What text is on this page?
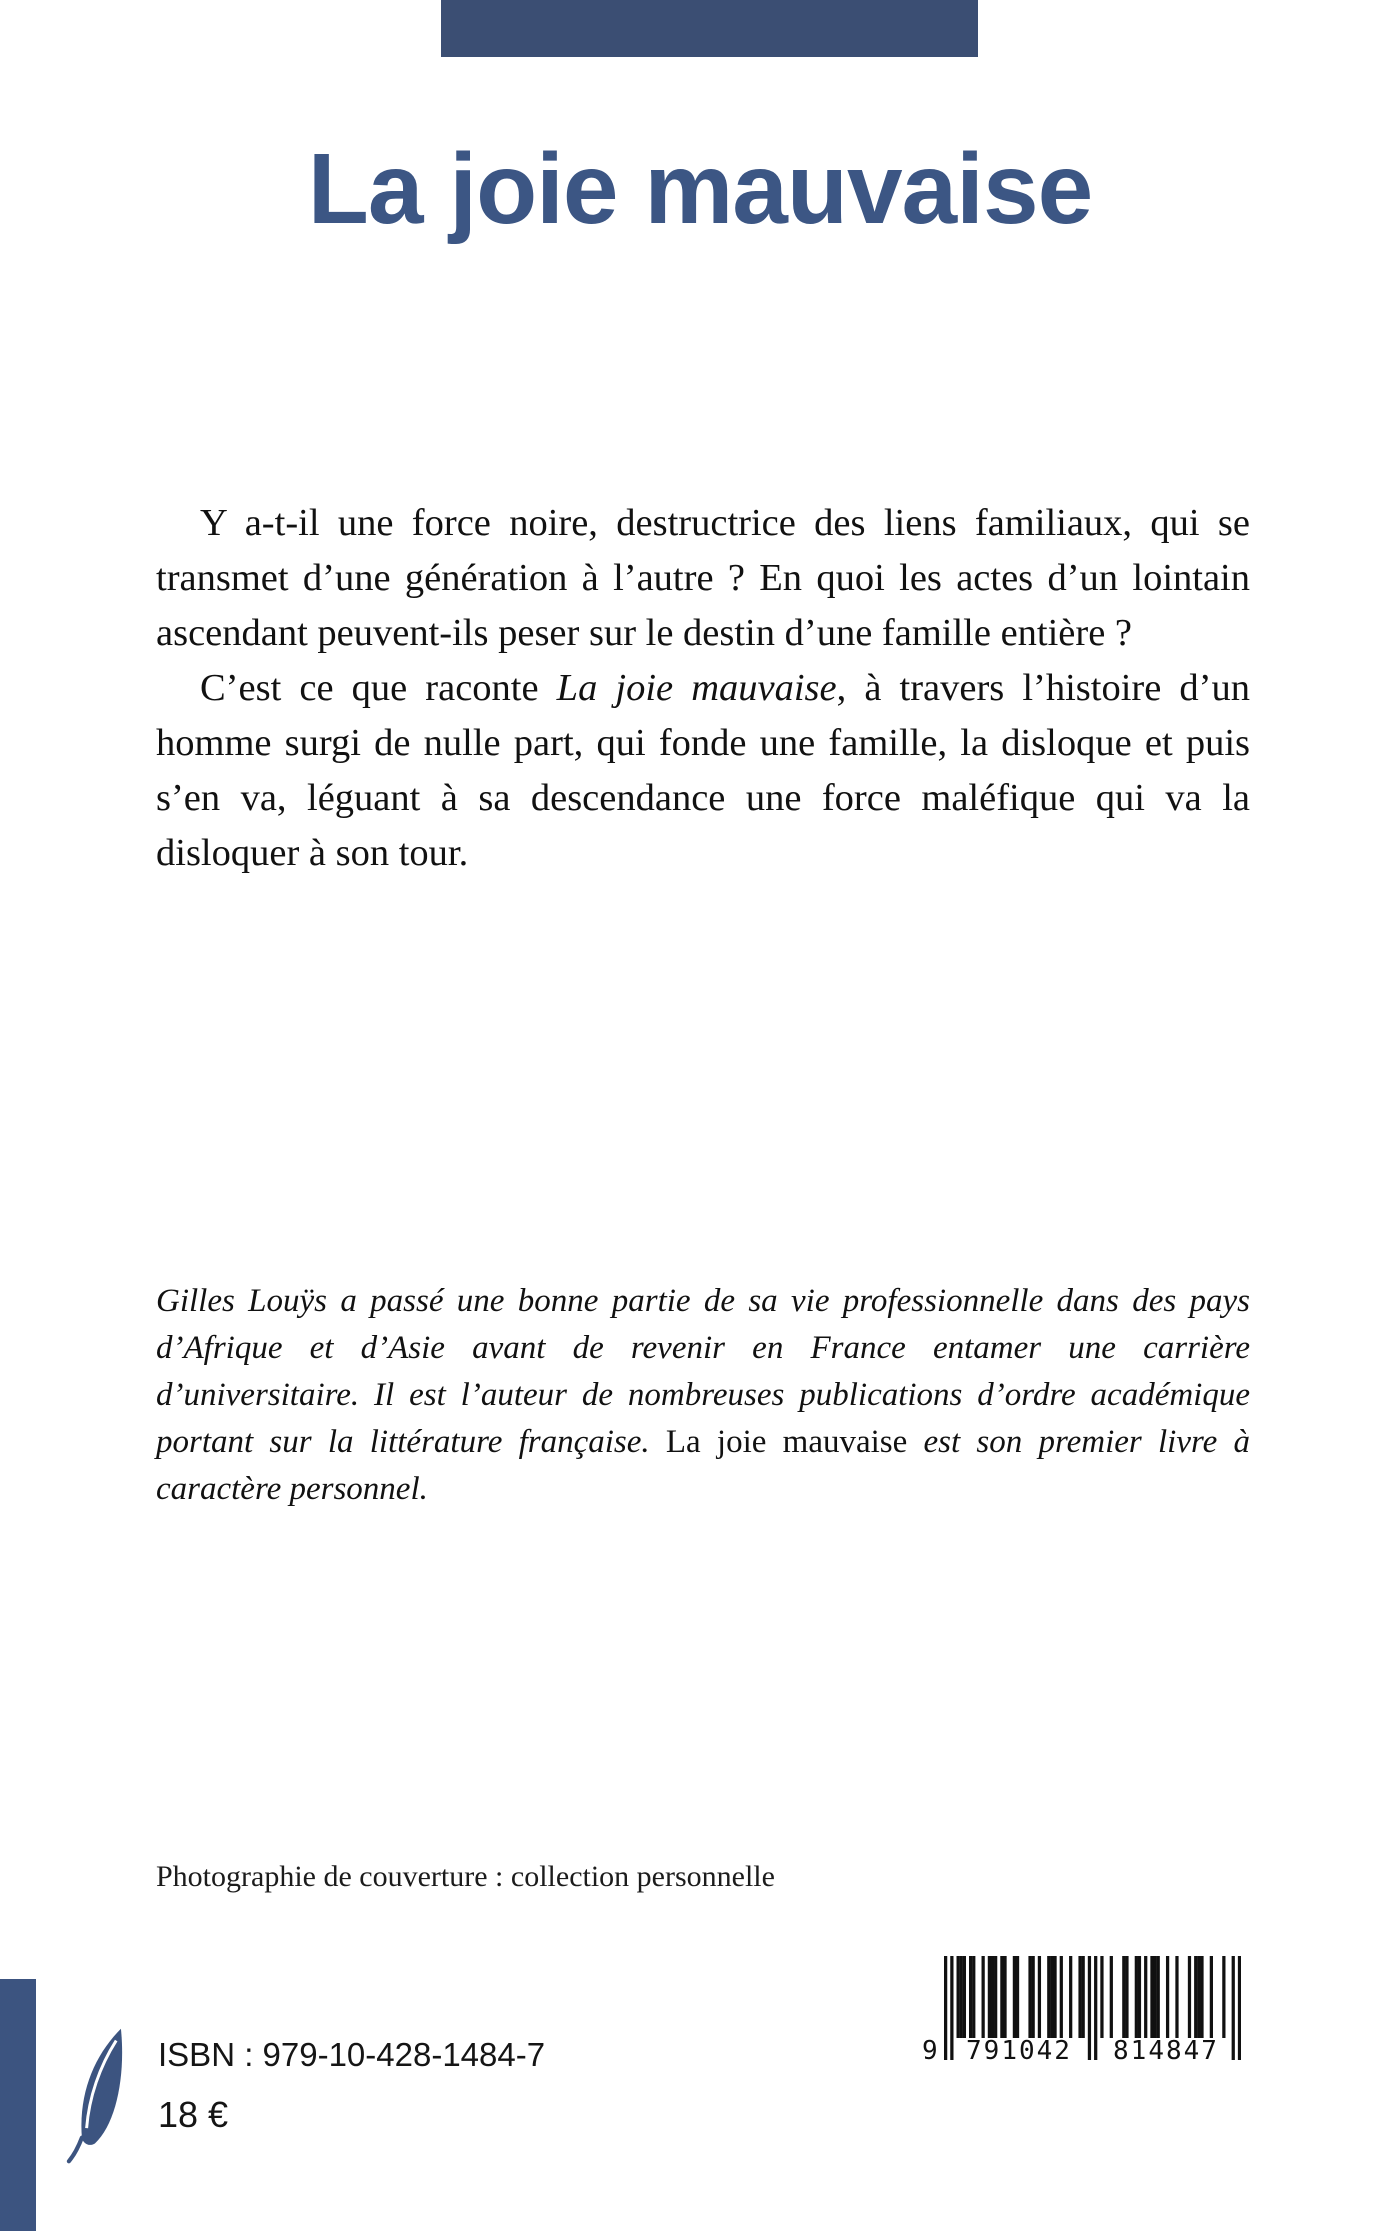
La joie mauvaise

Y a-t-il une force noire, destructrice des liens familiaux, qui se transmet d’une génération à l’autre ? En quoi les actes d’un lointain ascendant peuvent-ils peser sur le destin d’une famille entière ?

C’est ce que raconte La joie mauvaise, à travers l’histoire d’un homme surgi de nulle part, qui fonde une famille, la disloque et puis s’en va, léguant à sa descendance une force maléfique qui va la disloquer à son tour.

Gilles Louÿs a passé une bonne partie de sa vie professionnelle dans des pays d’Afrique et d’Asie avant de revenir en France entamer une carrière d’universitaire. Il est l’auteur de nombreuses publications d’ordre académique portant sur la littérature française. La joie mauvaise est son premier livre à caractère personnel.

Photographie de couverture : collection personnelle

ISBN : 979-10-428-1484-7
18 €
9 791042 814847
